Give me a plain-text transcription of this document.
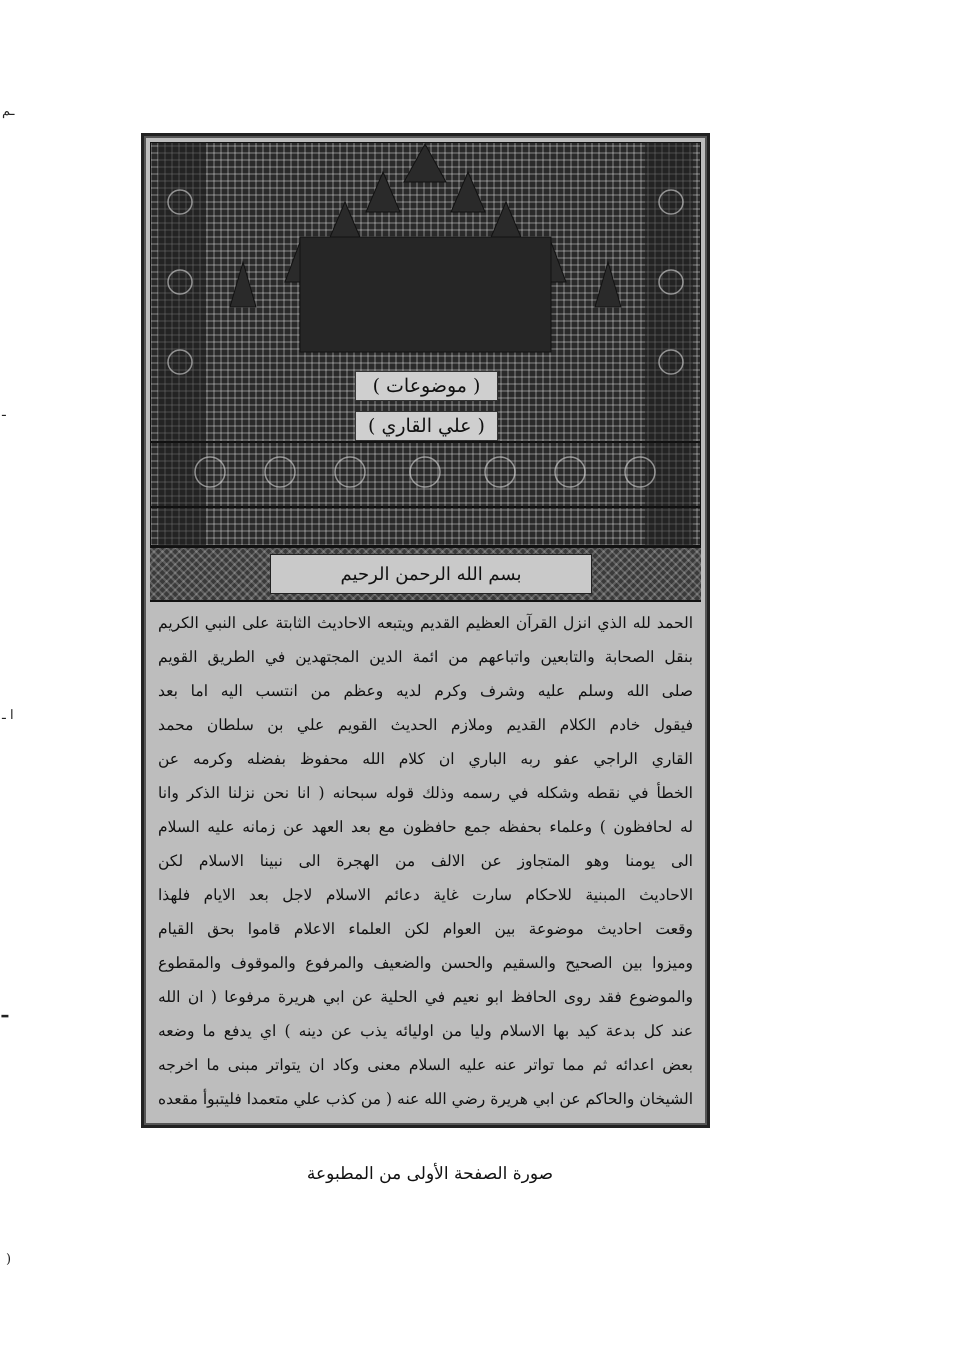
ـم
ـ
ا ـ
ـ
)
( موضوعات )
( علي القاري )
بسم الله الرحمن الرحيم
الحمد لله الذي انزل القرآن العظيم القديم ويتبعه الاحاديث الثابتة على النبي الكريم
بنقل الصحابة والتابعين واتباعهم من ائمة الدين المجتهدين في الطريق القويم
صلى الله وسلم عليه وشرف وكرم لديه وعظم من انتسب اليه اما بعد
فيقول خادم الكلام القديم وملازم الحديث القويم علي بن سلطان محمد
القاري الراجي عفو ربه الباري ان كلام الله محفوظ بفضله وكرمه عن
الخطأ في نقطه وشكله في رسمه وذلك قوله سبحانه ( انا نحن نزلنا الذكر وانا
له لحافظون ) وعلماء بحفظه جمع حافظون مع بعد العهد عن زمانه عليه السلام
الى يومنا وهو المتجاوز عن الالف من الهجرة الى نبينا الاسلام لكن
الاحاديث المبنية للاحكام سارت غاية دعائم الاسلام لاجل بعد الايام فلهذا
وقعت احاديث موضوعة بين العوام لكن العلماء الاعلام قاموا بحق القيام
وميزوا بين الصحيح والسقيم والحسن والضعيف والمرفوع والموقوف والمقطوع
والموضوع فقد روى الحافظ ابو نعيم في الحلية عن ابي هريرة مرفوعا ( ان الله
عند كل بدعة كيد بها الاسلام وليا من اوليائه يذب عن دينه ) اي يدفع ما وضعه
بعض اعدائه ثم مما تواتر عنه عليه السلام معنى وكاد ان يتواتر مبنى ما اخرجه
الشيخان والحاكم عن ابي هريرة رضي الله عنه ( من كذب علي متعمدا فليتبوأ مقعده
صورة الصفحة الأولى من المطبوعة
